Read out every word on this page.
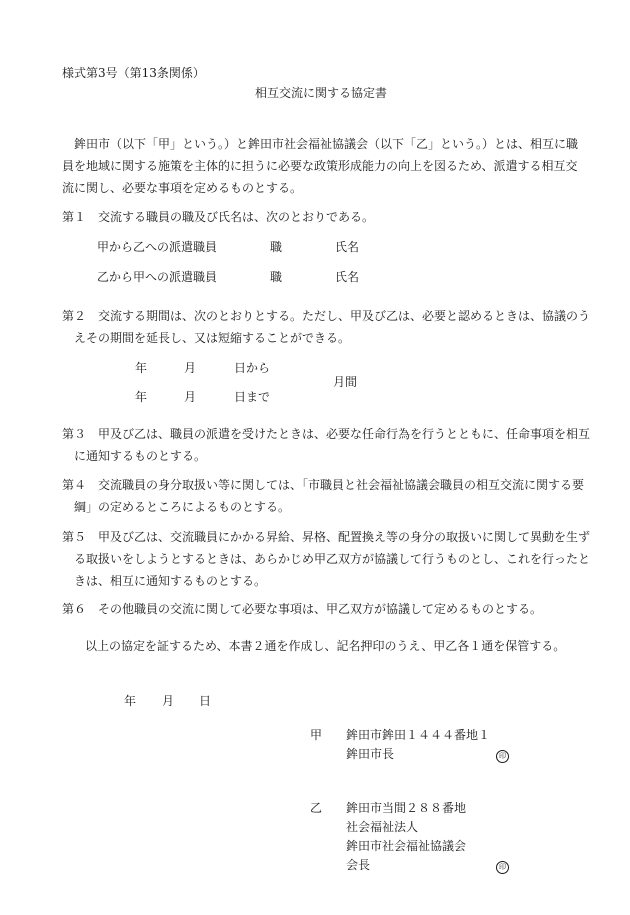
様式第3号（第13条関係）
相互交流に関する協定書
鉾田市（以下「甲」という。）と鉾田市社会福祉協議会（以下「乙」という。）とは、相互に職員を地域に関する施策を主体的に担うに必要な政策形成能力の向上を図るため、派遣する相互交流に関し、必要な事項を定めるものとする。
第１　交流する職員の職及び氏名は、次のとおりである。
甲から乙への派遣職員	職	氏名
乙から甲への派遣職員	職	氏名
第２　交流する期間は、次のとおりとする。ただし、甲及び乙は、必要と認めるときは、協議のうえその期間を延長し、又は短縮することができる。
年	月	日から
月間
年	月	日まで
第３　甲及び乙は、職員の派遣を受けたときは、必要な任命行為を行うとともに、任命事項を相互に通知するものとする。
第４　交流職員の身分取扱い等に関しては、「市職員と社会福祉協議会職員の相互交流に関する要綱」の定めるところによるものとする。
第５　甲及び乙は、交流職員にかかる昇給、昇格、配置換え等の身分の取扱いに関して異動を生ずる取扱いをしようとするときは、あらかじめ甲乙双方が協議して行うものとし、これを行ったときは、相互に通知するものとする。
第６　その他職員の交流に関して必要な事項は、甲乙双方が協議して定めるものとする。
以上の協定を証するため、本書２通を作成し、記名押印のうえ、甲乙各１通を保管する。
年 月 日
甲 鉾田市鉾田１４４４番地１
鉾田市長	印
乙 鉾田市当間２８８番地
社会福祉法人
鉾田市社会福祉協議会
会長	印
